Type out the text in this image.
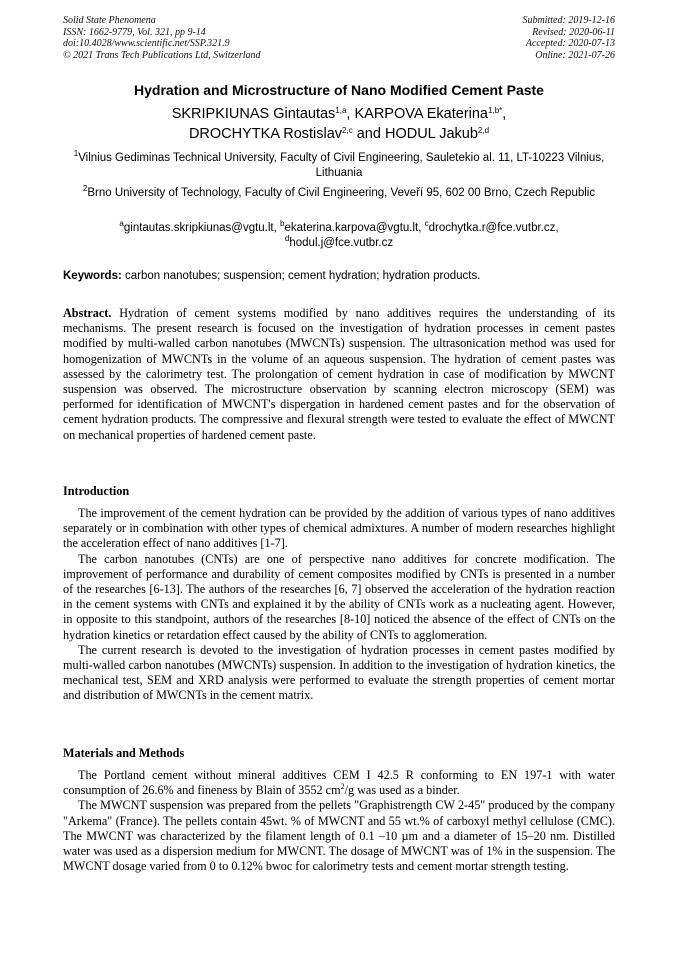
Solid State Phenomena
ISSN: 1662-9779, Vol. 321, pp 9-14
doi:10.4028/www.scientific.net/SSP.321.9
© 2021 Trans Tech Publications Ltd, Switzerland
Submitted: 2019-12-16
Revised: 2020-06-11
Accepted: 2020-07-13
Online: 2021-07-26
Hydration and Microstructure of Nano Modified Cement Paste
SKRIPKIUNAS Gintautas$^{1,a}$, KARPOVA Ekaterina$^{1,b*}$,
DROCHYTKA Rostislav$^{2,c}$ and HODUL Jakub$^{2,d}$
$^1$Vilnius Gediminas Technical University, Faculty of Civil Engineering, Sauletekio al. 11, LT-10223 Vilnius, Lithuania
$^2$Brno University of Technology, Faculty of Civil Engineering, Veveří 95, 602 00 Brno, Czech Republic
$^a$gintautas.skripkiunas@vgtu.lt, $^b$ekaterina.karpova@vgtu.lt, $^c$drochytka.r@fce.vutbr.cz,
$^d$hodul.j@fce.vutbr.cz
Keywords: carbon nanotubes; suspension; cement hydration; hydration products.

Abstract. Hydration of cement systems modified by nano additives requires the understanding of its mechanisms. The present research is focused on the investigation of hydration processes in cement pastes modified by multi-walled carbon nanotubes (MWCNTs) suspension. The ultrasonication method was used for homogenization of MWCNTs in the volume of an aqueous suspension. The hydration of cement pastes was assessed by the calorimetry test. The prolongation of cement hydration in case of modification by MWCNT suspension was observed. The microstructure observation by scanning electron microscopy (SEM) was performed for identification of MWCNT's dispergation in hardened cement pastes and for the observation of cement hydration products. The compressive and flexural strength were tested to evaluate the effect of MWCNT on mechanical properties of hardened cement paste.

Introduction

The improvement of the cement hydration can be provided by the addition of various types of nano additives separately or in combination with other types of chemical admixtures. A number of modern researches highlight the acceleration effect of nano additives [1-7].

The carbon nanotubes (CNTs) are one of perspective nano additives for concrete modification. The improvement of performance and durability of cement composites modified by CNTs is presented in a number of the researches [6-13]. The authors of the researches [6, 7] observed the acceleration of the hydration reaction in the cement systems with CNTs and explained it by the ability of CNTs work as a nucleating agent. However, in opposite to this standpoint, authors of the researches [8-10] noticed the absence of the effect of CNTs on the hydration kinetics or retardation effect caused by the ability of CNTs to agglomeration.

The current research is devoted to the investigation of hydration processes in cement pastes modified by multi-walled carbon nanotubes (MWCNTs) suspension. In addition to the investigation of hydration kinetics, the mechanical test, SEM and XRD analysis were performed to evaluate the strength properties of cement mortar and distribution of MWCNTs in the cement matrix.

Materials and Methods

The Portland cement without mineral additives CEM I 42.5 R conforming to EN 197-1 with water consumption of 26.6% and fineness by Blain of 3552 $cm^2/g$ was used as a binder.

The MWCNT suspension was prepared from the pellets "Graphistrength CW 2-45" produced by the company "Arkema" (France). The pellets contain 45wt. % of MWCNT and 55 wt.% of carboxyl methyl cellulose (CMC). The MWCNT was characterized by the filament length of 0.1 –10 µm and a diameter of 15–20 nm. Distilled water was used as a dispersion medium for MWCNT. The dosage of MWCNT was of 1% in the suspension. The MWCNT dosage varied from 0 to 0.12% bwoc for calorimetry tests and cement mortar strength testing.
